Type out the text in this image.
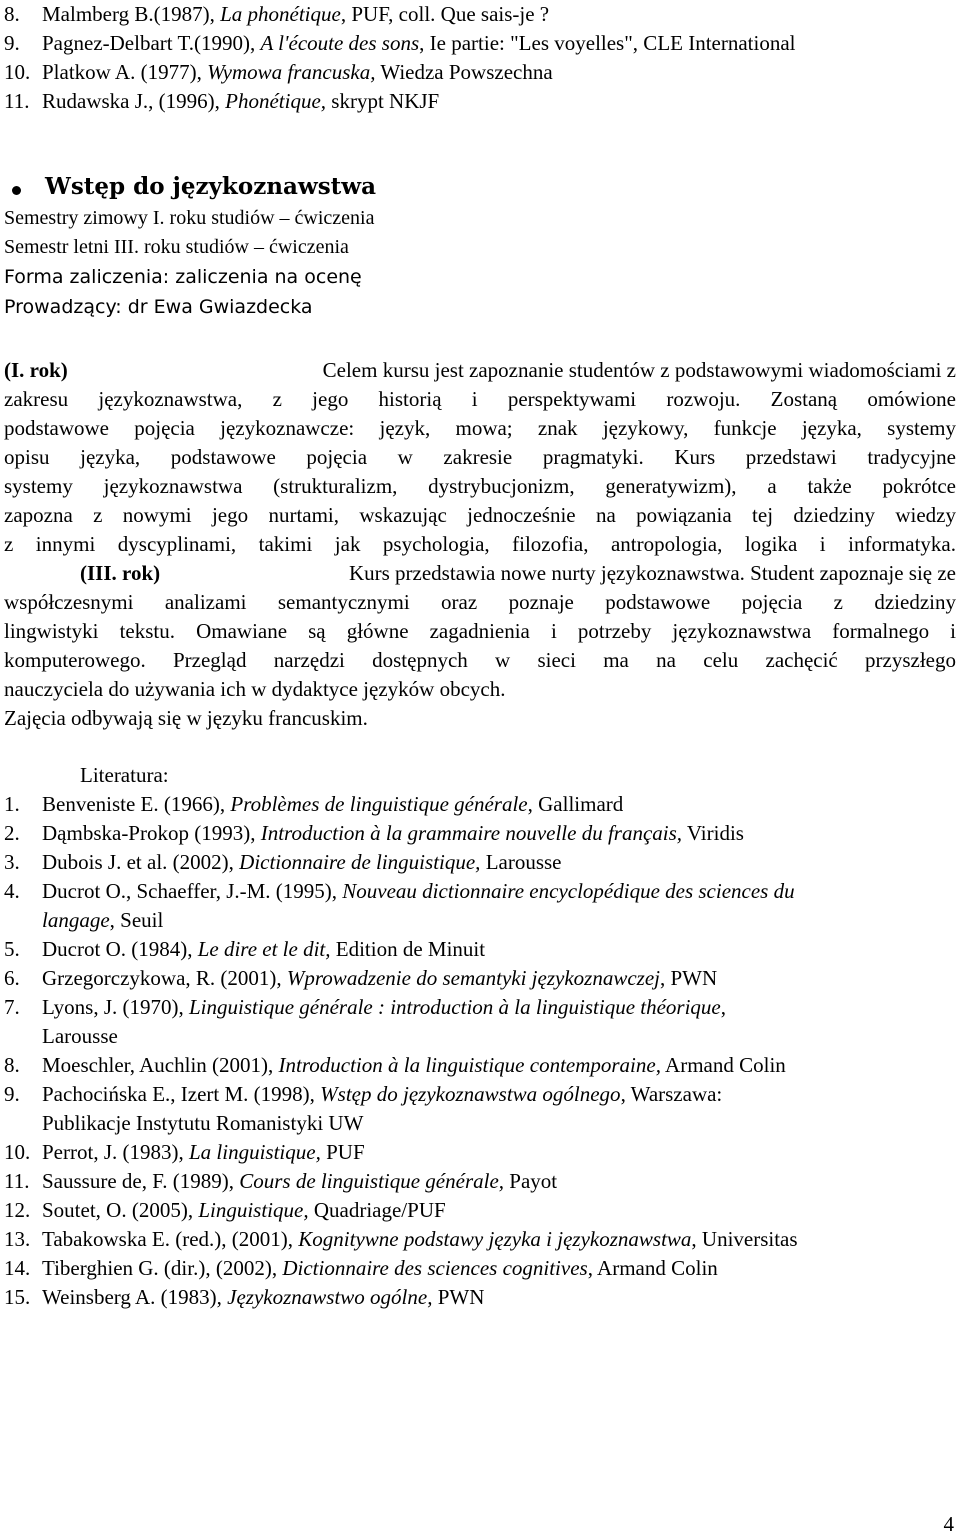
8. Malmberg B.(1987), La phonétique, PUF, coll. Que sais-je ?
9. Pagnez-Delbart T.(1990), A l'écoute des sons, Ie partie: "Les voyelles", CLE International
10. Platkow A. (1977), Wymowa francuska, Wiedza Powszechna
11. Rudawska J., (1996), Phonétique, skrypt NKJF
Wstęp do językoznawstwa
Semestry zimowy I. roku studiów – ćwiczenia
Semestr letni III. roku studiów – ćwiczenia
Forma zaliczenia: zaliczenia na ocenę
Prowadzący: dr Ewa Gwiazdecka
(I. rok)	Celem kursu jest zapoznanie studentów z podstawowymi wiadomościami z
zakresu językoznawstwa, z jego historią i perspektywami rozwoju. Zostaną omówione
podstawowe pojęcia językoznawcze: język, mowa; znak językowy, funkcje języka, systemy
opisu języka, podstawowe pojęcia w zakresie pragmatyki. Kurs przedstawi tradycyjne
systemy językoznawstwa (strukturalizm, dystrybucjonizm, generatywizm), a także pokrótce
zapozna z nowymi jego nurtami, wskazując jednocześnie na powiązania tej dziedziny wiedzy
z innymi dyscyplinami, takimi jak psychologia, filozofia, antropologia, logika i informatyka.
(III. rok)	Kurs przedstawia nowe nurty językoznawstwa. Student zapoznaje się ze
współczesnymi analizami semantycznymi oraz poznaje podstawowe pojęcia z dziedziny
lingwistyki tekstu. Omawiane są główne zagadnienia i potrzeby językoznawstwa formalnego i
komputerowego. Przegląd narzędzi dostępnych w sieci ma na celu zachęcić przyszłego
nauczyciela do używania ich w dydaktyce języków obcych.
Zajęcia odbywają się w języku francuskim.
Literatura:
1. Benveniste E. (1966), Problèmes de linguistique générale, Gallimard
2. Dąmbska-Prokop (1993), Introduction à la grammaire nouvelle du français, Viridis
3. Dubois J. et al. (2002), Dictionnaire de linguistique, Larousse
4. Ducrot O., Schaeffer, J.-M. (1995), Nouveau dictionnaire encyclopédique des sciences du
langage, Seuil
5. Ducrot O. (1984), Le dire et le dit, Edition de Minuit
6. Grzegorczykowa, R. (2001), Wprowadzenie do semantyki językoznawczej, PWN
7. Lyons, J. (1970), Linguistique générale : introduction à la linguistique théorique,
Larousse
8. Moeschler, Auchlin (2001), Introduction à la linguistique contemporaine, Armand Colin
9. Pachocińska E., Izert M. (1998), Wstęp do językoznawstwa ogólnego, Warszawa:
Publikacje Instytutu Romanistyki UW
10. Perrot, J. (1983), La linguistique, PUF
11. Saussure de, F. (1989), Cours de linguistique générale, Payot
12. Soutet, O. (2005), Linguistique, Quadriage/PUF
13. Tabakowska E. (red.), (2001), Kognitywne podstawy języka i językoznawstwa, Universitas
14. Tiberghien G. (dir.), (2002), Dictionnaire des sciences cognitives, Armand Colin
15. Weinsberg A. (1983), Językoznawstwo ogólne, PWN
4
